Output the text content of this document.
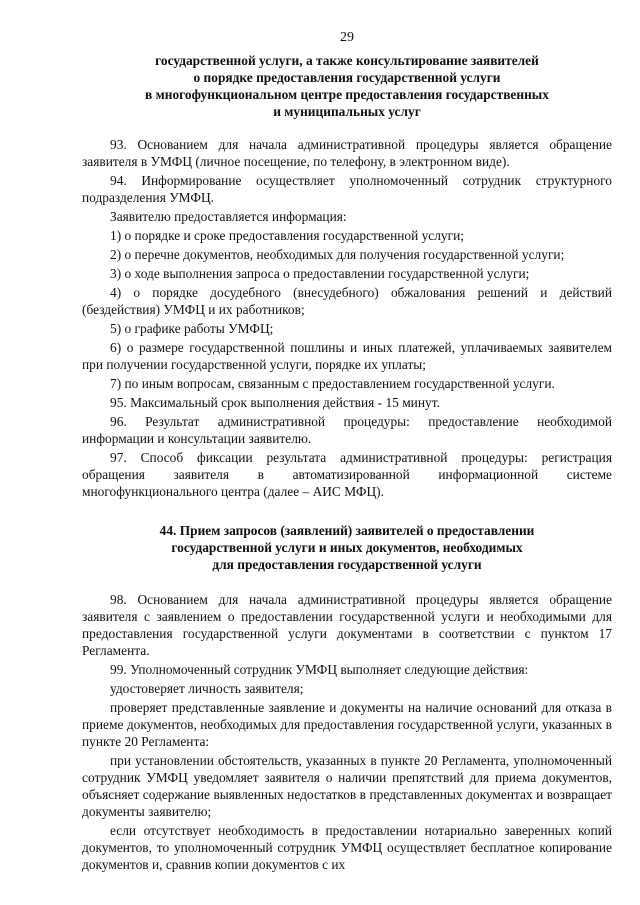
29
государственной услуги, а также консультирование заявителей
о порядке предоставления государственной услуги
в многофункциональном центре предоставления государственных
и муниципальных услуг

93. Основанием для начала административной процедуры является обращение заявителя в УМФЦ (личное посещение, по телефону, в электронном виде).

94. Информирование осуществляет уполномоченный сотрудник структурного подразделения УМФЦ.

Заявителю предоставляется информация:

1) о порядке и сроке предоставления государственной услуги;

2) о перечне документов, необходимых для получения государственной услуги;

3) о ходе выполнения запроса о предоставлении государственной услуги;

4) о порядке досудебного (внесудебного) обжалования решений и действий (бездействия) УМФЦ и их работников;

5) о графике работы УМФЦ;

6) о размере государственной пошлины и иных платежей, уплачиваемых заявителем при получении государственной услуги, порядке их уплаты;

7) по иным вопросам, связанным с предоставлением государственной услуги.

95. Максимальный срок выполнения действия - 15 минут.

96. Результат административной процедуры: предоставление необходимой информации и консультации заявителю.

97. Способ фиксации результата административной процедуры: регистрация обращения заявителя в автоматизированной информационной системе многофункционального центра (далее – АИС МФЦ).

44. Прием запросов (заявлений) заявителей о предоставлении
государственной услуги и иных документов, необходимых
для предоставления государственной услуги

98. Основанием для начала административной процедуры является обращение заявителя с заявлением о предоставлении государственной услуги и необходимыми для предоставления государственной услуги документами в соответствии с пунктом 17 Регламента.

99. Уполномоченный сотрудник УМФЦ выполняет следующие действия:

удостоверяет личность заявителя;

проверяет представленные заявление и документы на наличие оснований для отказа в приеме документов, необходимых для предоставления государственной услуги, указанных в пункте 20 Регламента:

при установлении обстоятельств, указанных в пункте 20 Регламента, уполномоченный сотрудник УМФЦ уведомляет заявителя о наличии препятствий для приема документов, объясняет содержание выявленных недостатков в представленных документах и возвращает документы заявителю;

если отсутствует необходимость в предоставлении нотариально заверенных копий документов, то уполномоченный сотрудник УМФЦ осуществляет бесплатное копирование документов и, сравнив копии документов с их
